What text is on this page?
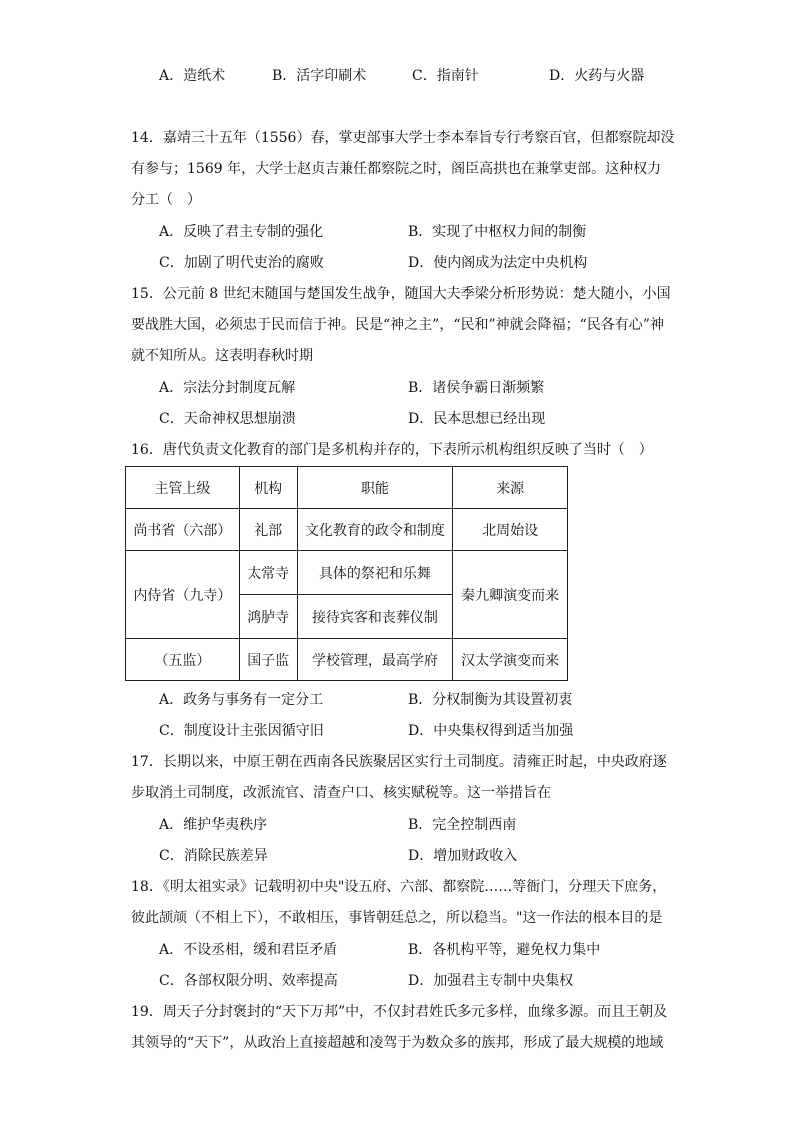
A．造纸术	B．活字印刷术	C．指南针	D．火药与火器
14．嘉靖三十五年（1556）春，掌吏部事大学士李本奉旨专行考察百官，但都察院却没
有参与；1569 年，大学士赵贞吉兼任都察院之时，阁臣高拱也在兼掌吏部。这种权力
分工（　）
A．反映了君主专制的强化	B．实现了中枢权力间的制衡
C．加剧了明代吏治的腐败	D．使内阁成为法定中央机构
15．公元前 8 世纪末随国与楚国发生战争，随国大夫季梁分析形势说：楚大随小，小国
要战胜大国，必须忠于民而信于神。民是“神之主”，“民和”神就会降福；“民各有心”神
就不知所从。这表明春秋时期
A．宗法分封制度瓦解	B．诸侯争霸日渐频繁
C．天命神权思想崩溃	D．民本思想已经出现
16．唐代负责文化教育的部门是多机构并存的，下表所示机构组织反映了当时（　）
主管上级	机构	职能	来源
尚书省（六部）	礼部	文化教育的政令和制度	北周始设
内侍省（九寺）	太常寺	具体的祭祀和乐舞	秦九卿演变而来
	鸿胪寺	接待宾客和丧葬仪制	
（五监）	国子监	学校管理，最高学府	汉太学演变而来
A．政务与事务有一定分工	B．分权制衡为其设置初衷
C．制度设计主张因循守旧	D．中央集权得到适当加强
17．长期以来，中原王朝在西南各民族聚居区实行土司制度。清雍正时起，中央政府逐
步取消土司制度，改派流官、清查户口、核实赋税等。这一举措旨在
A．维护华夷秩序	B．完全控制西南
C．消除民族差异	D．增加财政收入
18．《明太祖实录》记载明初中央"设五府、六部、都察院……等衙门，分理天下庶务，
彼此颉颃（不相上下），不敢相压，事皆朝廷总之，所以稳当。"这一作法的根本目的是
A．不设丞相，缓和君臣矛盾	B．各机构平等，避免权力集中
C．各部权限分明、效率提高	D．加强君主专制中央集权
19．周天子分封褒封的“天下万邦”中，不仅封君姓氏多元多样，血缘多源。而且王朝及
其领导的“天下”，从政治上直接超越和凌驾于为数众多的族邦，形成了最大规模的地域
